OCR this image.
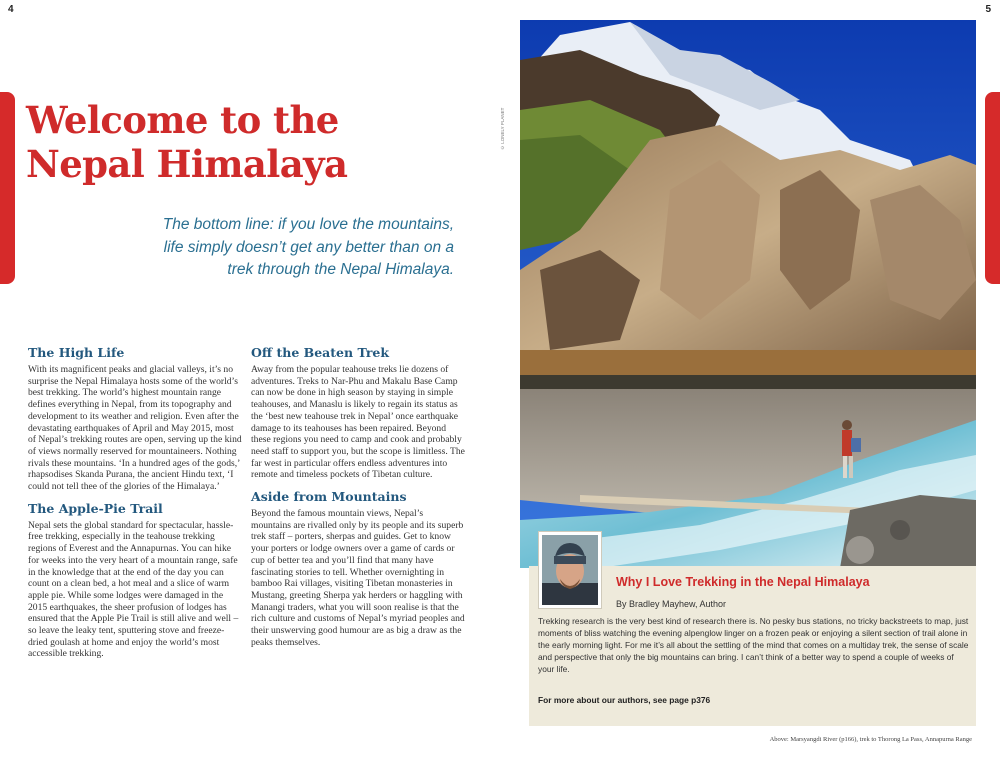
4	5
Welcome to the
Nepal Himalaya

The bottom line: if you love the mountains, life simply doesn’t get any better than on a trek through the Nepal Himalaya.

The High Life

With its magnificent peaks and glacial valleys, it’s no surprise the Nepal Himalaya hosts some of the world’s best trekking. The world’s highest mountain range defines everything in Nepal, from its topography and development to its weather and religion. Even after the devastating earthquakes of April and May 2015, most of Nepal’s trekking routes are open, serving up the kind of views normally reserved for mountaineers. Nothing rivals these mountains. ‘In a hundred ages of the gods,’ rhapsodises Skanda Purana, the ancient Hindu text, ‘I could not tell thee of the glories of the Himalaya.’

The Apple-Pie Trail

Nepal sets the global standard for spectacular, hassle-free trekking, especially in the teahouse trekking regions of Everest and the Annapurnas. You can hike for weeks into the very heart of a mountain range, safe in the knowledge that at the end of the day you can count on a clean bed, a hot meal and a slice of warm apple pie. While some lodges were damaged in the 2015 earthquakes, the sheer profusion of lodges has ensured that the Apple Pie Trail is still alive and well – so leave the leaky tent, sputtering stove and freeze-dried goulash at home and enjoy the world’s most accessible trekking.

Off the Beaten Trek

Away from the popular teahouse treks lie dozens of adventures. Treks to Nar-Phu and Makalu Base Camp can now be done in high season by staying in simple teahouses, and Manaslu is likely to regain its status as the ‘best new teahouse trek in Nepal’ once earthquake damage to its teahouses has been repaired. Beyond these regions you need to camp and cook and probably need staff to support you, but the scope is limitless. The far west in particular offers endless adventures into remote and timeless pockets of Tibetan culture.

Aside from Mountains

Beyond the famous mountain views, Nepal’s mountains are rivalled only by its people and its superb trek staff – porters, sherpas and guides. Get to know your porters or lodge owners over a game of cards or cup of better tea and you’ll find that many have fascinating stories to tell. Whether overnighting in bamboo Rai villages, visiting Tibetan monasteries in Mustang, greeting Sherpa yak herders or haggling with Manangi traders, what you will soon realise is that the rich culture and customs of Nepal’s myriad peoples and their unswerving good humour are as big a draw as the peaks themselves.

© LONELY PLANET
Why I Love Trekking in the Nepal Himalaya

By Bradley Mayhew, Author

Trekking research is the very best kind of research there is. No pesky bus stations, no tricky backstreets to map, just moments of bliss watching the evening alpenglow linger on a frozen peak or enjoying a silent section of trail alone in the early morning light. For me it’s all about the settling of the mind that comes on a multiday trek, the sense of scale and perspective that only the big mountains can bring. I can’t think of a better way to spend a couple of weeks of your life.

For more about our authors, see page p376

Above: Marsyangdi River (p166), trek to Thorong La Pass, Annapurna Range
